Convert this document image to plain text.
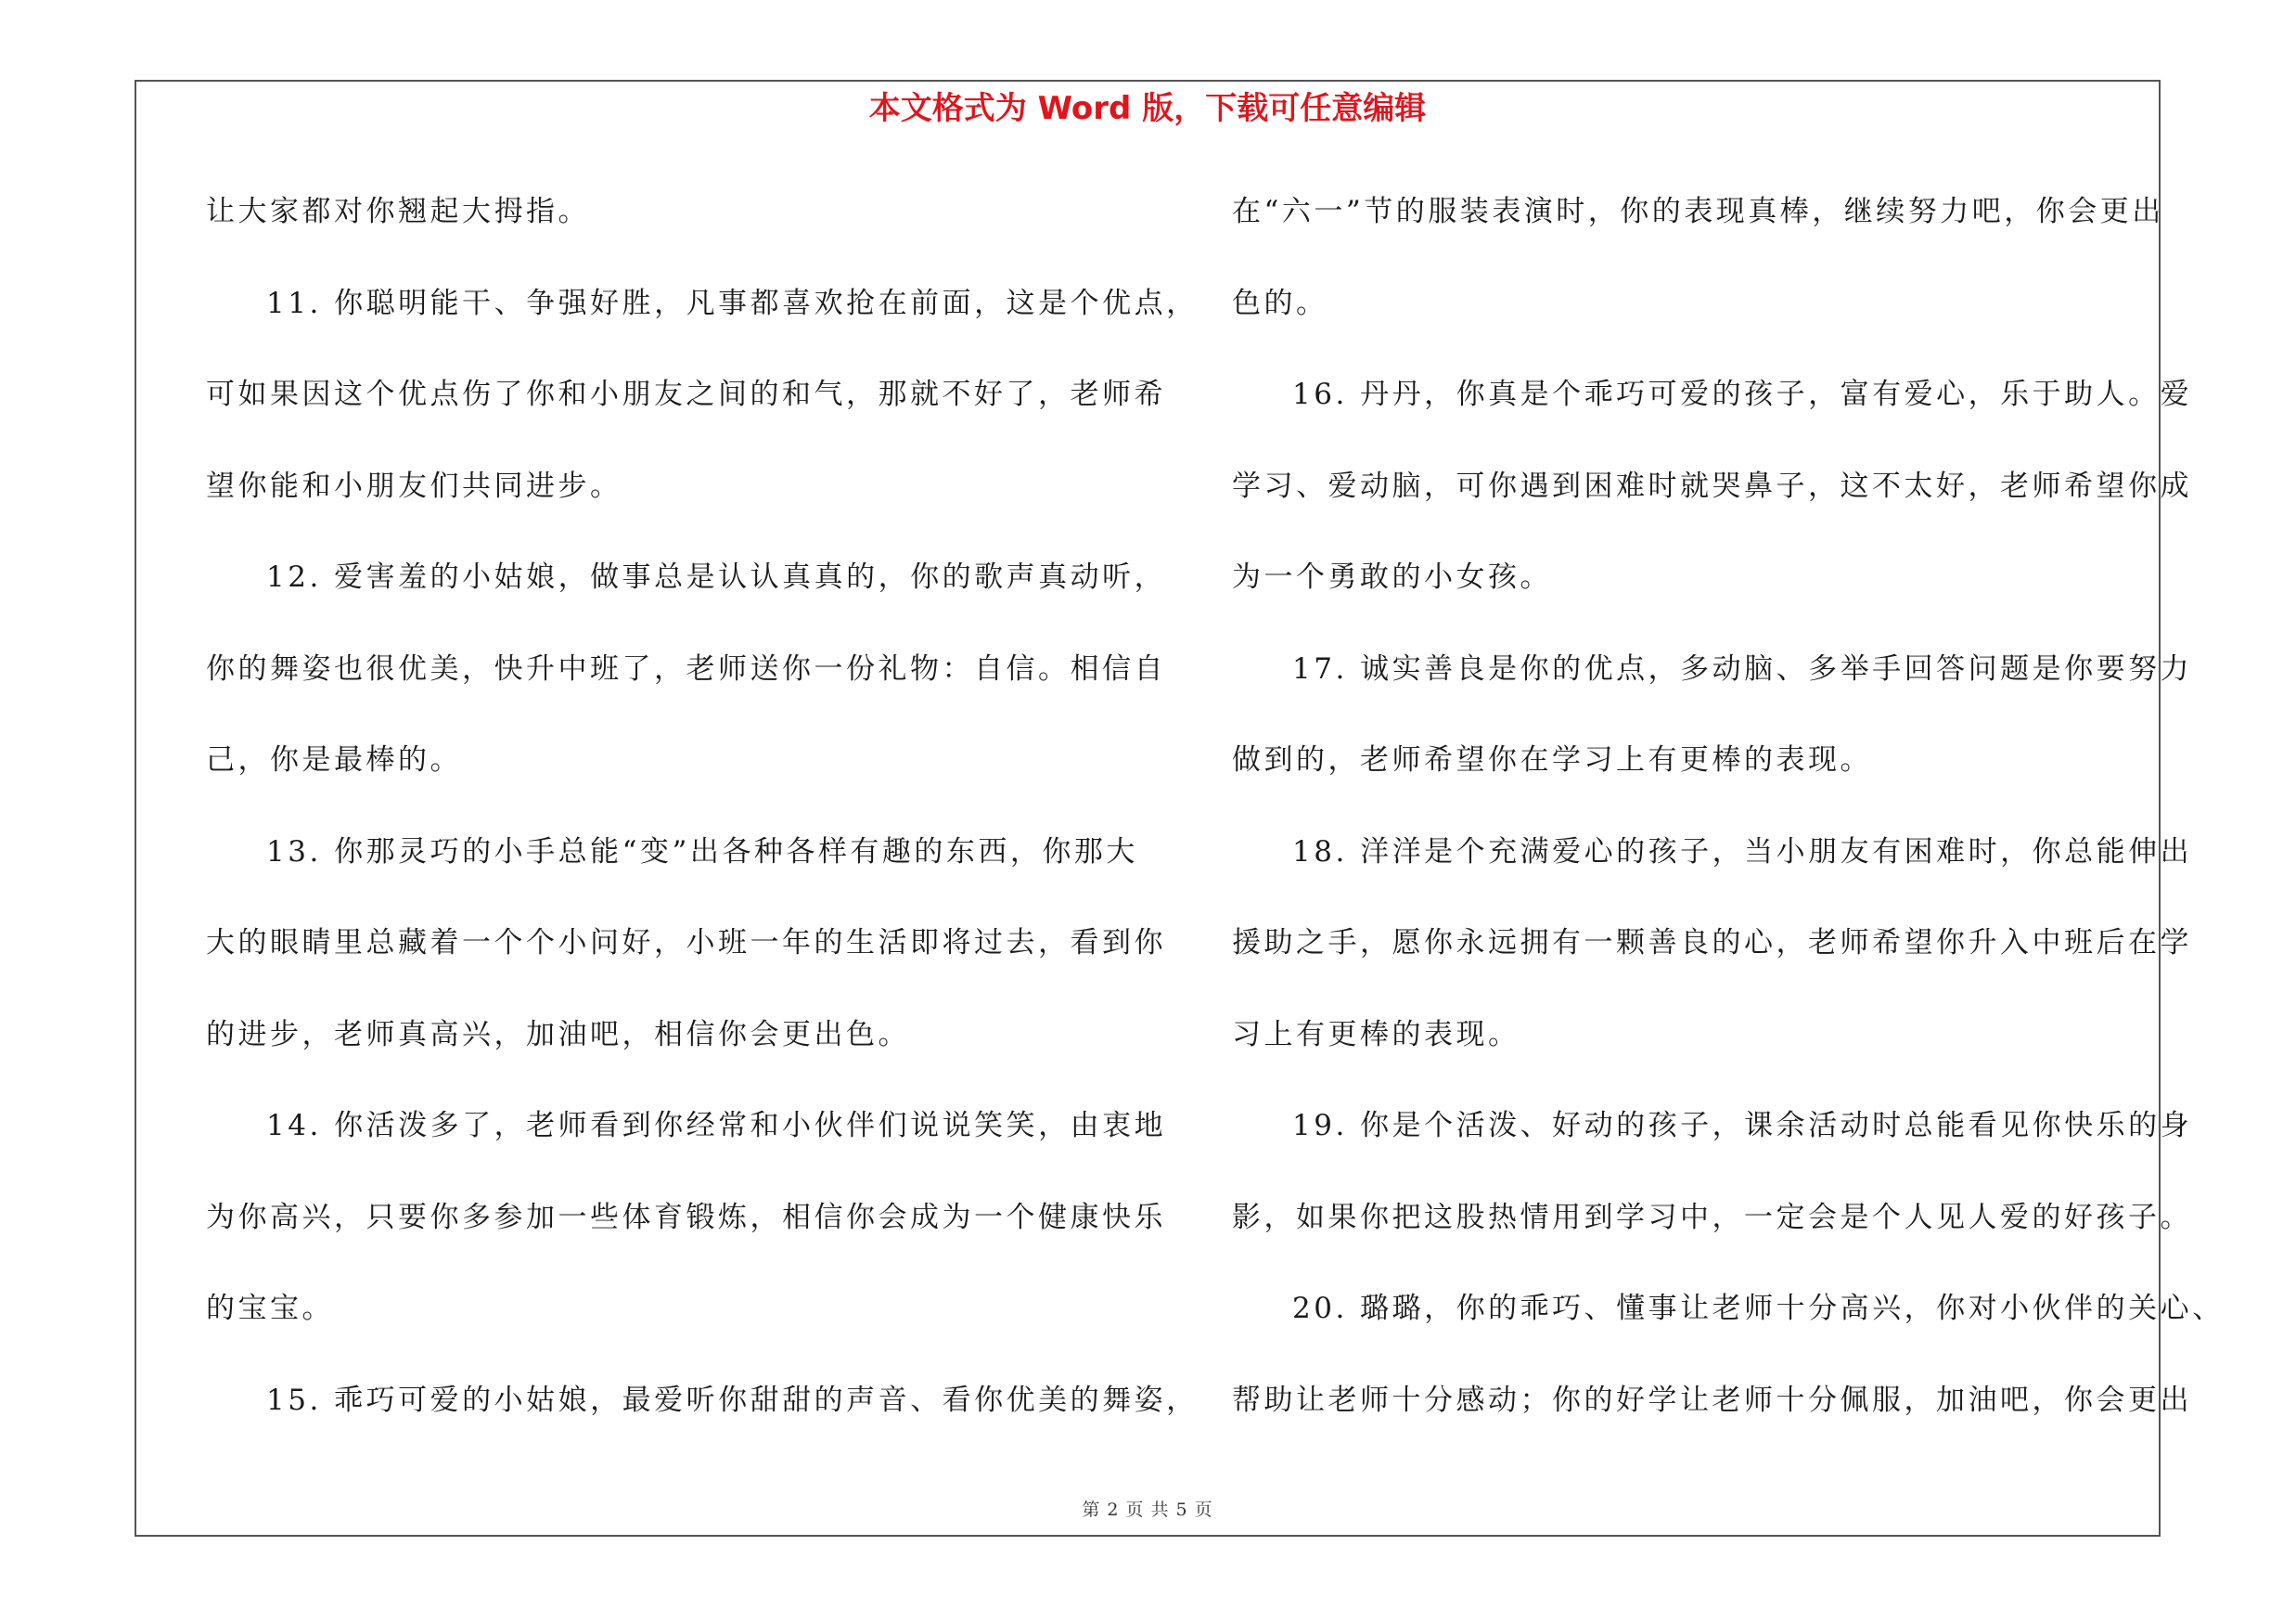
本文格式为 Word 版，下载可任意编辑
让大家都对你翘起大拇指。
11. 你聪明能干、争强好胜，凡事都喜欢抢在前面，这是个优点，
可如果因这个优点伤了你和小朋友之间的和气，那就不好了，老师希
望你能和小朋友们共同进步。
12. 爱害羞的小姑娘，做事总是认认真真的，你的歌声真动听，
你的舞姿也很优美，快升中班了，老师送你一份礼物：自信。相信自
己，你是最棒的。
13. 你那灵巧的小手总能“变”出各种各样有趣的东西，你那大
大的眼睛里总藏着一个个小问好，小班一年的生活即将过去，看到你
的进步，老师真高兴，加油吧，相信你会更出色。
14. 你活泼多了，老师看到你经常和小伙伴们说说笑笑，由衷地
为你高兴，只要你多参加一些体育锻炼，相信你会成为一个健康快乐
的宝宝。
15. 乖巧可爱的小姑娘，最爱听你甜甜的声音、看你优美的舞姿，
在“六一”节的服装表演时，你的表现真棒，继续努力吧，你会更出
色的。
16. 丹丹，你真是个乖巧可爱的孩子，富有爱心，乐于助人。爱
学习、爱动脑，可你遇到困难时就哭鼻子，这不太好，老师希望你成
为一个勇敢的小女孩。
17. 诚实善良是你的优点，多动脑、多举手回答问题是你要努力
做到的，老师希望你在学习上有更棒的表现。
18. 洋洋是个充满爱心的孩子，当小朋友有困难时，你总能伸出
援助之手，愿你永远拥有一颗善良的心，老师希望你升入中班后在学
习上有更棒的表现。
19. 你是个活泼、好动的孩子，课余活动时总能看见你快乐的身
影，如果你把这股热情用到学习中，一定会是个人见人爱的好孩子。
20. 璐璐，你的乖巧、懂事让老师十分高兴，你对小伙伴的关心、
帮助让老师十分感动；你的好学让老师十分佩服，加油吧，你会更出
第 2 页 共 5 页
